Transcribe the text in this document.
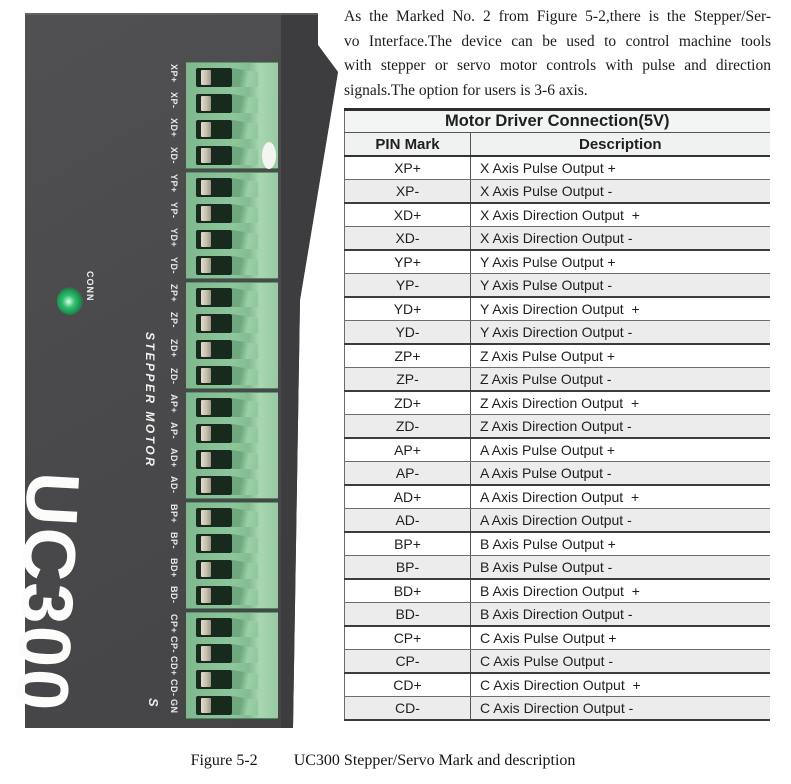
XP+
XP-
XD+
XD-
YP+
YP-
YD+
YD-
ZP+
ZP-
ZD+
ZD-
AP+
AP-
AD+
AD-
BP+
BP-
BD+
BD-
CP+
CP-
CD+
CD-
GN
CONN
STEPPER MOTOR
UC300	S
As the Marked No. 2 from Figure 5-2,there is the Stepper/Ser-
vo Interface.The device can be used to control machine tools
with stepper or servo motor controls with pulse and direction
signals.The option for users is 3-6 axis.
Motor Driver Connection(5V)	
PIN Mark	Description
XP+	X Axis Pulse Output +
XP-	X Axis Pulse Output -
XD+	X Axis Direction Output  +
XD-	X Axis Direction Output -
YP+	Y Axis Pulse Output +
YP-	Y Axis Pulse Output -
YD+	Y Axis Direction Output  +
YD-	Y Axis Direction Output -
ZP+	Z Axis Pulse Output +
ZP-	Z Axis Pulse Output -
ZD+	Z Axis Direction Output  +
ZD-	Z Axis Direction Output -
AP+	A Axis Pulse Output +
AP-	A Axis Pulse Output -
AD+	A Axis Direction Output  +
AD-	A Axis Direction Output -
BP+	B Axis Pulse Output +
BP-	B Axis Pulse Output -
BD+	B Axis Direction Output  +
BD-	B Axis Direction Output -
CP+	C Axis Pulse Output +
CP-	C Axis Pulse Output -
CD+	C Axis Direction Output  +
CD-	C Axis Direction Output -
Figure 5-2 UC300 Stepper/Servo Mark and description
